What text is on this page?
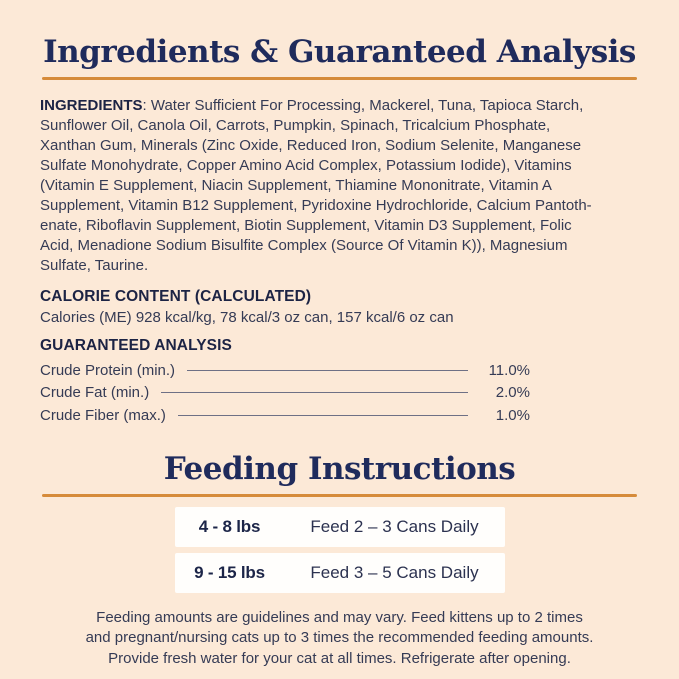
Ingredients & Guaranteed Analysis
INGREDIENTS: Water Sufficient For Processing, Mackerel, Tuna, Tapioca Starch,
Sunflower Oil, Canola Oil, Carrots, Pumpkin, Spinach, Tricalcium Phosphate,
Xanthan Gum, Minerals (Zinc Oxide, Reduced Iron, Sodium Selenite, Manganese
Sulfate Monohydrate, Copper Amino Acid Complex, Potassium Iodide), Vitamins
(Vitamin E Supplement, Niacin Supplement, Thiamine Mononitrate, Vitamin A
Supplement, Vitamin B12 Supplement, Pyridoxine Hydrochloride, Calcium Pantoth-
enate, Riboflavin Supplement, Biotin Supplement, Vitamin D3 Supplement, Folic
Acid, Menadione Sodium Bisulfite Complex (Source Of Vitamin K)), Magnesium
Sulfate, Taurine.
CALORIE CONTENT (CALCULATED)
Calories (ME) 928 kcal/kg, 78 kcal/3 oz can, 157 kcal/6 oz can
GUARANTEED ANALYSIS
Crude Protein (min.)	11.0%
Crude Fat (min.)	2.0%
Crude Fiber (max.)	1.0%
Feeding Instructions
4 - 8 lbs	Feed 2 – 3 Cans Daily
9 - 15 lbs	Feed 3 – 5 Cans Daily
Feeding amounts are guidelines and may vary. Feed kittens up to 2 times
and pregnant/nursing cats up to 3 times the recommended feeding amounts.
Provide fresh water for your cat at all times. Refrigerate after opening.
